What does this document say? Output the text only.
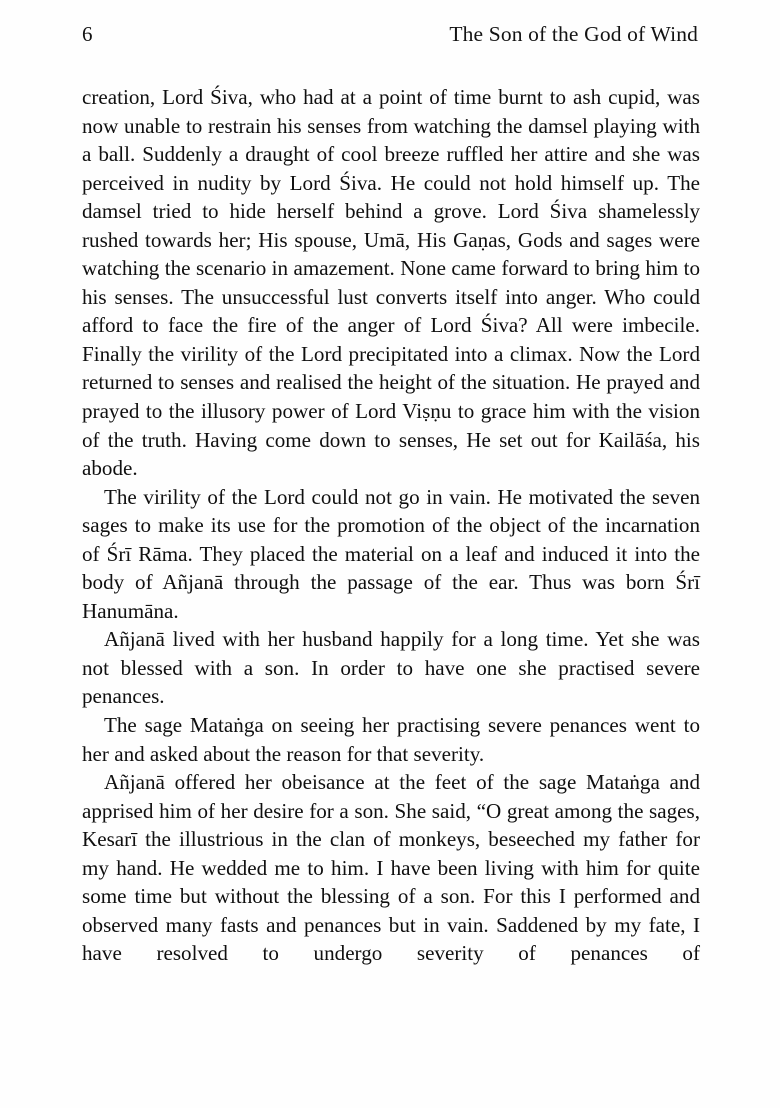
6	The Son of the God of Wind

creation, Lord Śiva, who had at a point of time burnt to ash cupid, was now unable to restrain his senses from watching the damsel playing with a ball. Suddenly a draught of cool breeze ruffled her attire and she was perceived in nudity by Lord Śiva. He could not hold himself up. The damsel tried to hide herself behind a grove. Lord Śiva shamelessly rushed towards her; His spouse, Umā, His Gaṇas, Gods and sages were watching the scenario in amazement. None came forward to bring him to his senses. The unsuccessful lust converts itself into anger. Who could afford to face the fire of the anger of Lord Śiva? All were imbecile. Finally the virility of the Lord precipitated into a climax. Now the Lord returned to senses and realised the height of the situation. He prayed and prayed to the illusory power of Lord Viṣṇu to grace him with the vision of the truth. Having come down to senses, He set out for Kailāśa, his abode.

The virility of the Lord could not go in vain. He motivated the seven sages to make its use for the promotion of the object of the incarnation of Śrī Rāma. They placed the material on a leaf and induced it into the body of Añjanā through the passage of the ear. Thus was born Śrī Hanumāna.

Añjanā lived with her husband happily for a long time. Yet she was not blessed with a son. In order to have one she practised severe penances.

The sage Mataṅga on seeing her practising severe penances went to her and asked about the reason for that severity.

Añjanā offered her obeisance at the feet of the sage Mataṅga and apprised him of her desire for a son. She said, “O great among the sages, Kesarī the illustrious in the clan of monkeys, beseeched my father for my hand. He wedded me to him. I have been living with him for quite some time but without the blessing of a son. For this I performed and observed many fasts and penances but in vain. Saddened by my fate, I have resolved to undergo severity of penances of
